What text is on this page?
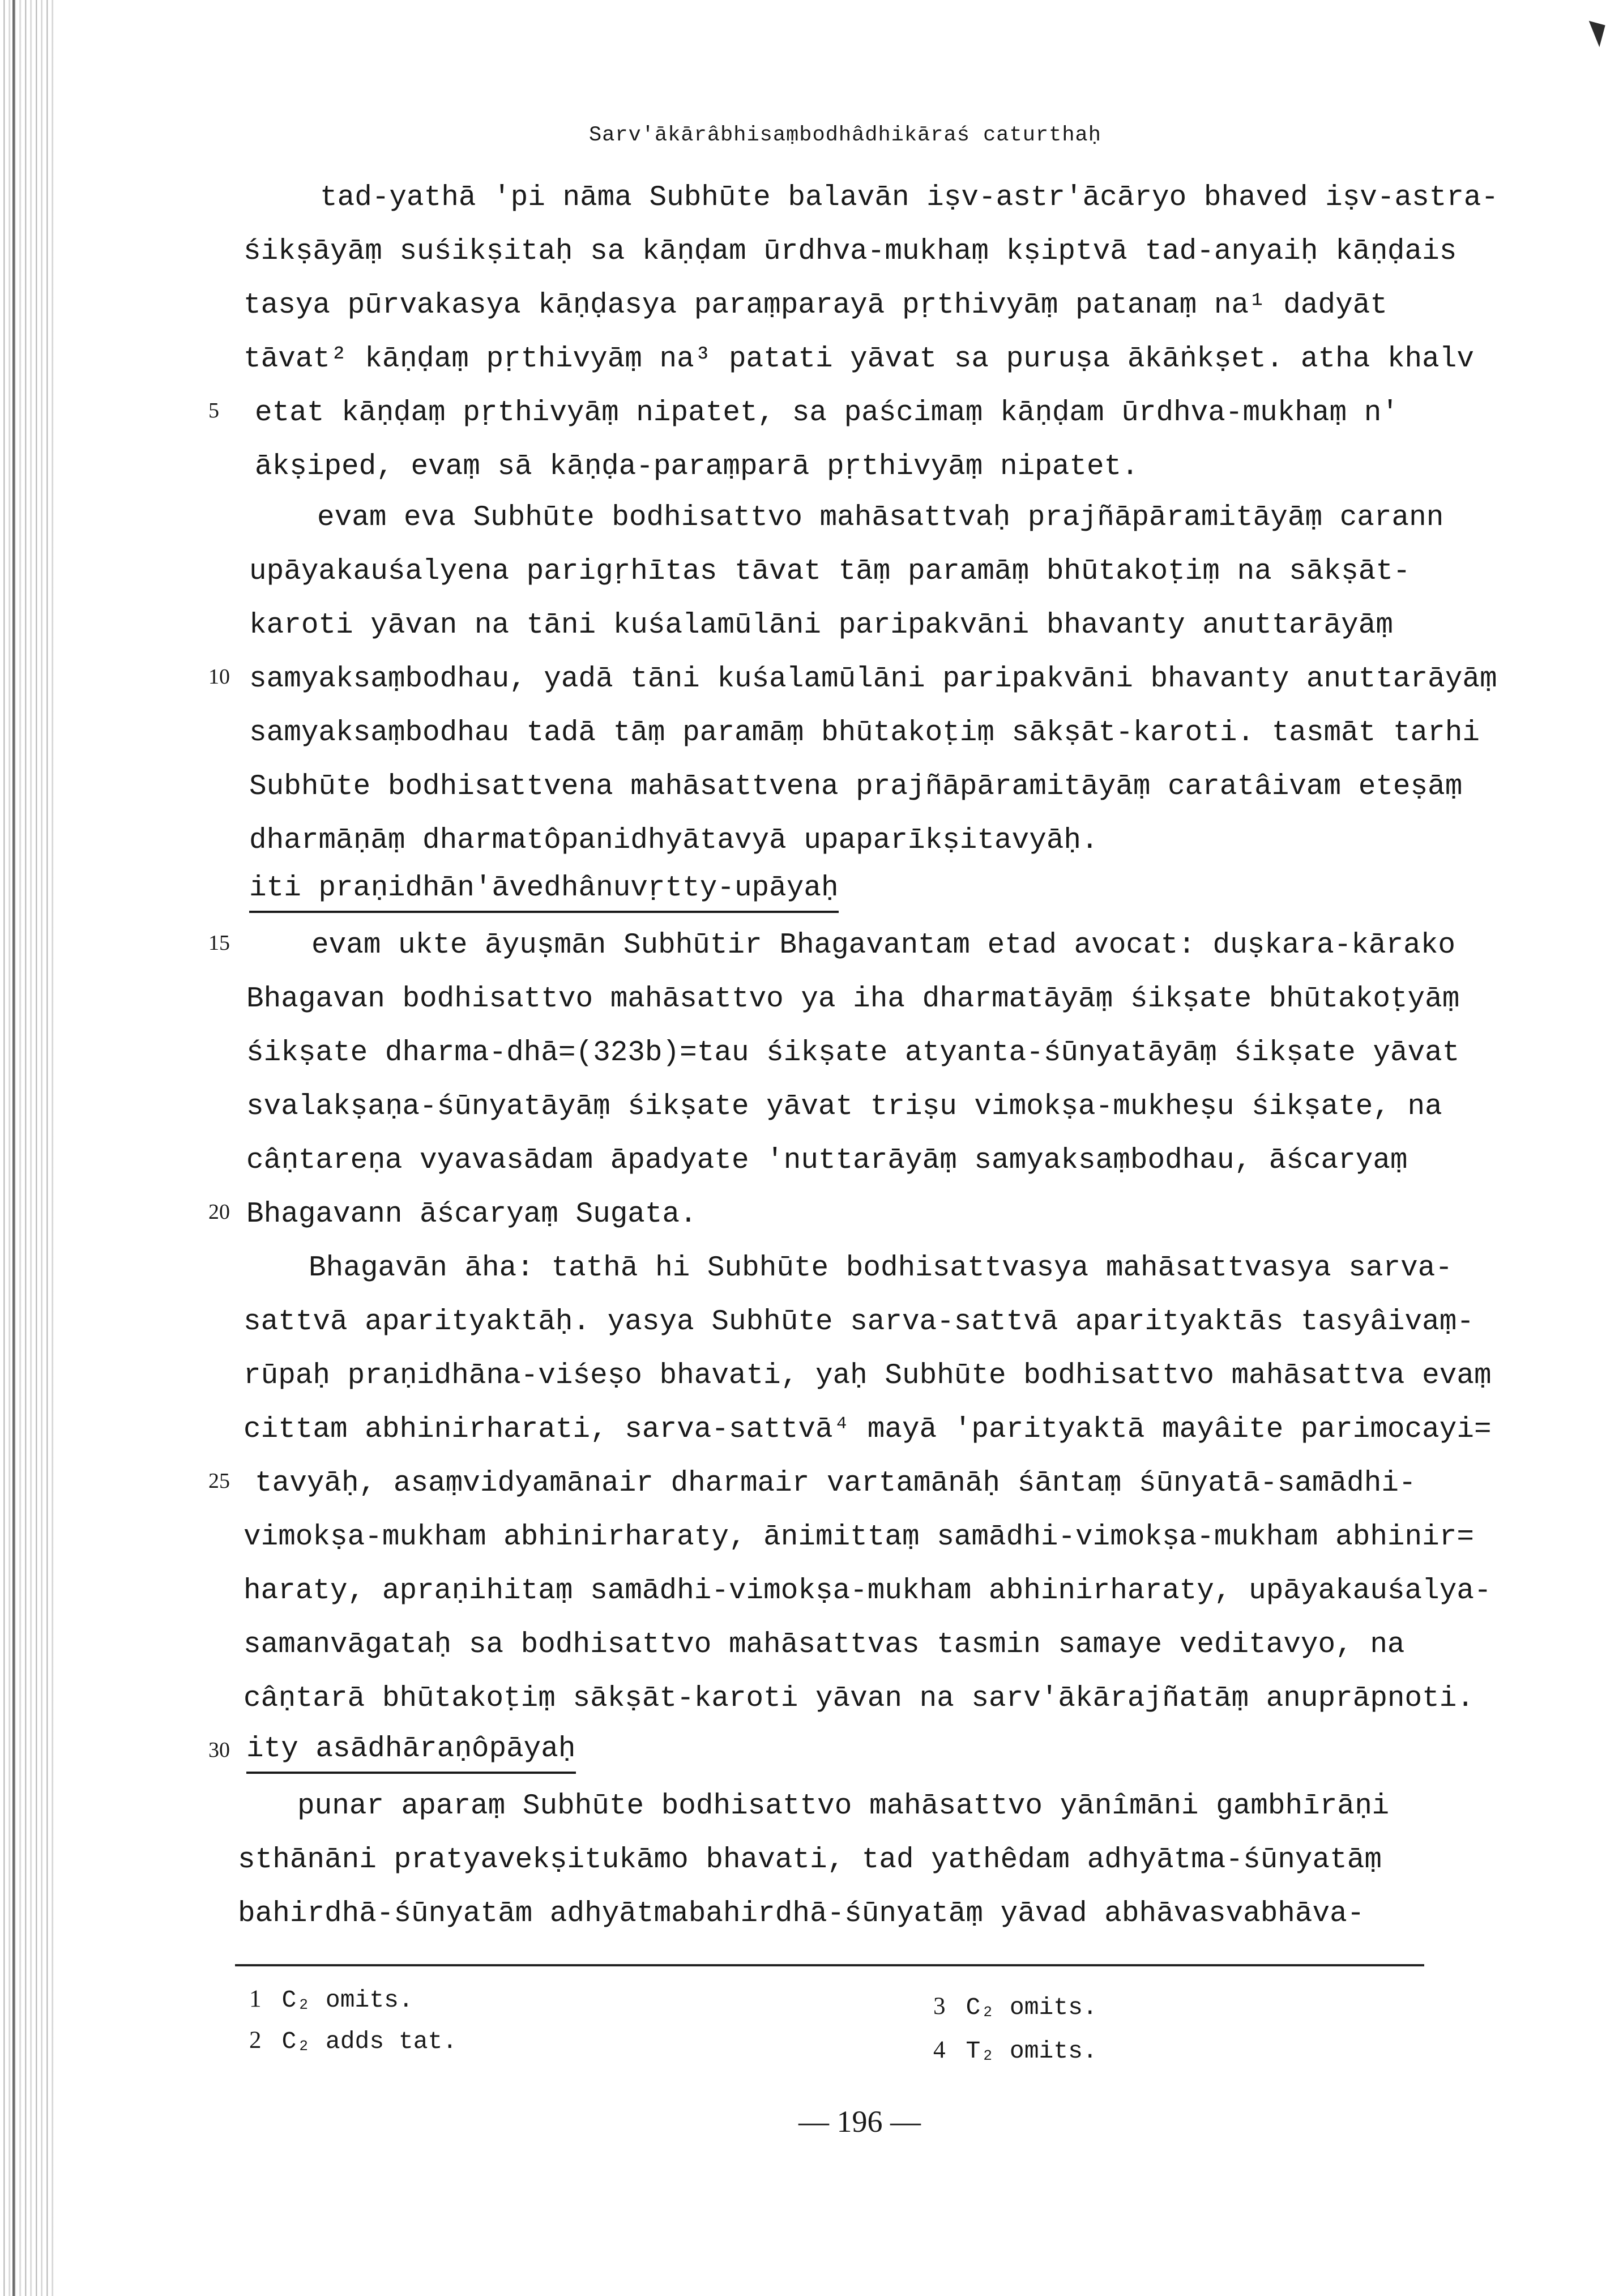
Sarv'ākārâbhisaṃbodhâdhikāraś caturthaḥ
tad-yathā 'pi nāma Subhūte balavān iṣv-astr'ācāryo bhaved iṣv-astra-
śikṣāyāṃ suśikṣitaḥ sa kāṇḍam ūrdhva-mukhaṃ kṣiptvā tad-anyaiḥ kāṇḍais
tasya pūrvakasya kāṇḍasya paraṃparayā pṛthivyāṃ patanaṃ na¹ dadyāt
tāvat² kāṇḍaṃ pṛthivyāṃ na³ patati yāvat sa puruṣa ākāṅkṣet. atha khalv
5 etat kāṇḍaṃ pṛthivyāṃ nipatet, sa paścimaṃ kāṇḍam ūrdhva-mukhaṃ n'
ākṣiped, evaṃ sā kāṇḍa-paraṃparā pṛthivyāṃ nipatet.
evam eva Subhūte bodhisattvo mahāsattvaḥ prajñāpāramitāyāṃ carann
upāyakauśalyena parigṛhītas tāvat tāṃ paramāṃ bhūtakoṭiṃ na sākṣāt-
karoti yāvan na tāni kuśalamūlāni paripakvāni bhavanty anuttarāyāṃ
10 samyaksaṃbodhau, yadā tāni kuśalamūlāni paripakvāni bhavanty anuttarāyāṃ
samyaksaṃbodhau tadā tāṃ paramāṃ bhūtakoṭiṃ sākṣāt-karoti. tasmāt tarhi
Subhūte bodhisattvena mahāsattvena prajñāpāramitāyāṃ caratâivam eteṣāṃ
dharmāṇāṃ dharmatôpanidhyātavyā upaparīkṣitavyāḥ.
iti praṇidhān'āvedhânuvṛtty-upāyaḥ
15	evam ukte āyuṣmān Subhūtir Bhagavantam etad avocat: duṣkara-kārako
Bhagavan bodhisattvo mahāsattvo ya iha dharmatāyāṃ śikṣate bhūtakoṭyāṃ
śikṣate dharma-dhā=(323b)=tau śikṣate atyanta-śūnyatāyāṃ śikṣate yāvat
svalakṣaṇa-śūnyatāyāṃ śikṣate yāvat triṣu vimokṣa-mukheṣu śikṣate, na
câṇtareṇa vyavasādam āpadyate 'nuttarāyāṃ samyaksaṃbodhau, āścaryaṃ
20 Bhagavann āścaryaṃ Sugata.
Bhagavān āha: tathā hi Subhūte bodhisattvasya mahāsattvasya sarva-
sattvā aparityaktāḥ. yasya Subhūte sarva-sattvā aparityaktās tasyâivaṃ-
rūpaḥ praṇidhāna-viśeṣo bhavati, yaḥ Subhūte bodhisattvo mahāsattva evaṃ
cittam abhinirharati, sarva-sattvā⁴ mayā 'parityaktā mayâite parimocayi=
25 tavyāḥ, asaṃvidyamānair dharmair vartamānāḥ śāntaṃ śūnyatā-samādhi-
vimokṣa-mukham abhinirharaty, ānimittaṃ samādhi-vimokṣa-mukham abhinir=
haraty, apraṇihitaṃ samādhi-vimokṣa-mukham abhinirharaty, upāyakauśalya-
samanvāgataḥ sa bodhisattvo mahāsattvas tasmin samaye veditavyo, na
câṇtarā bhūtakoṭiṃ sākṣāt-karoti yāvan na sarv'ākārajñatāṃ anuprāpnoti.
30 ity asādhāraṇôpāyaḥ
punar aparaṃ Subhūte bodhisattvo mahāsattvo yānîmāni gambhīrāṇi
sthānāni pratyavekṣitukāmo bhavati, tad yathêdam adhyātma-śūnyatāṃ
bahirdhā-śūnyatām adhyātmabahirdhā-śūnyatāṃ yāvad abhāvasvabhāva-
1 C₂ omits.
2 C₂ adds tat.
3 C₂ omits.
4 T₂ omits.
— 196 —
